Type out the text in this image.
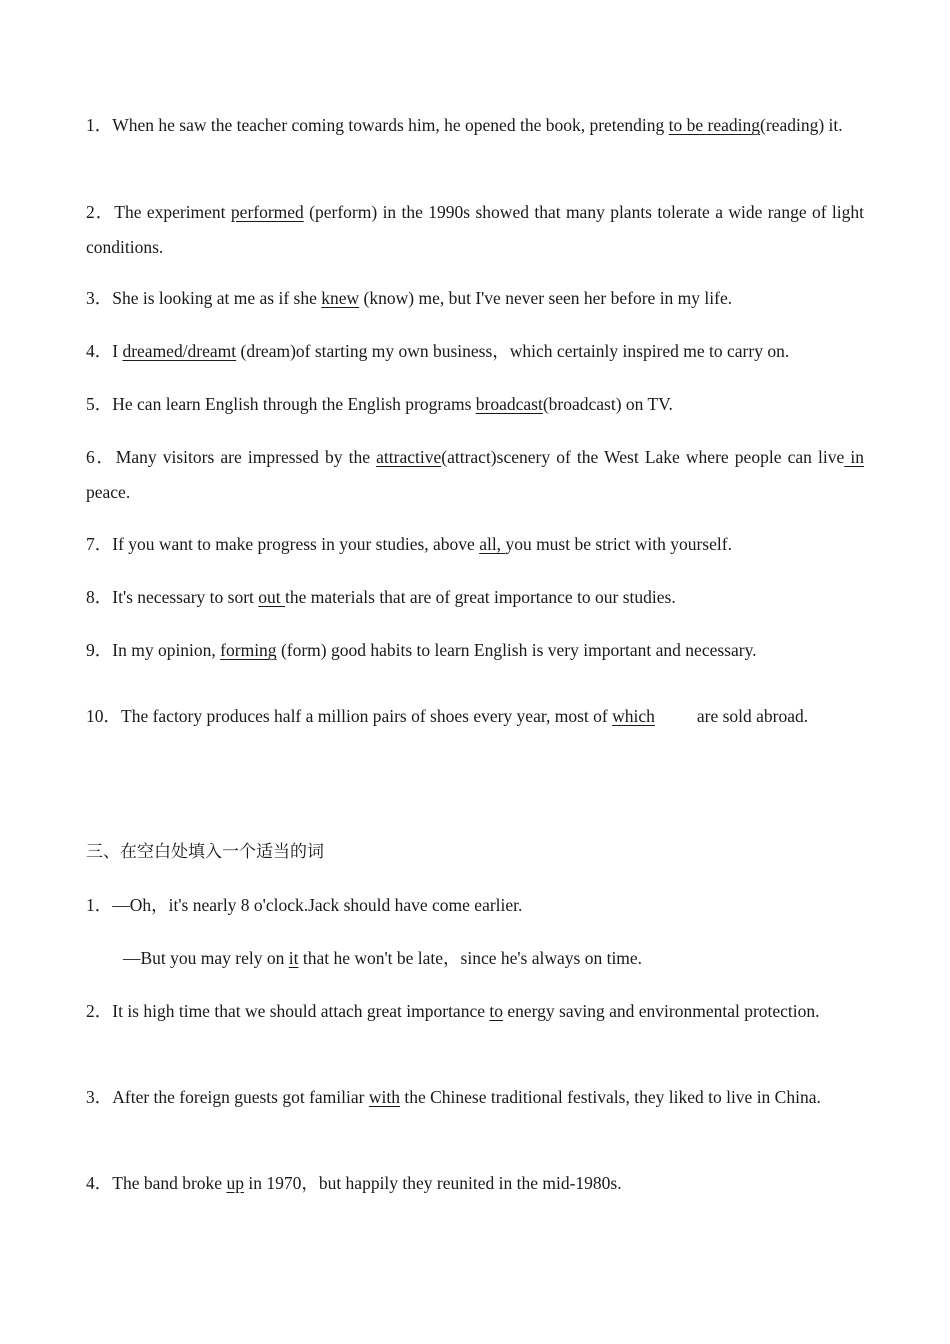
1．When he saw the teacher coming towards him, he opened the book, pretending to be reading(reading) it.

2．The experiment performed (perform) in the 1990s showed that many plants tolerate a wide range of light conditions.

3．She is looking at me as if she knew (know) me, but I've never seen her before in my life.

4．I dreamed/dreamt (dream)of starting my own business，which certainly inspired me to carry on.

5．He can learn English through the English programs broadcast(broadcast) on TV.

6．Many visitors are impressed by the attractive(attract)scenery of the West Lake where people can live in peace.

7．If you want to make progress in your studies, above all, you must be strict with yourself.

8．It's necessary to sort out the materials that are of great importance to our studies.

9．In my opinion, forming (form) good habits to learn English is very important and necessary.

10．The factory produces half a million pairs of shoes every year, most of which are sold abroad.

三、在空白处填入一个适当的词

1．—Oh，it's nearly 8 o'clock.Jack should have come earlier.

—But you may rely on it that he won't be late，since he's always on time.

2．It is high time that we should attach great importance to energy saving and environmental protection.

3．After the foreign guests got familiar with the Chinese traditional festivals, they liked to live in China.

4．The band broke up in 1970，but happily they reunited in the mid-1980s.
